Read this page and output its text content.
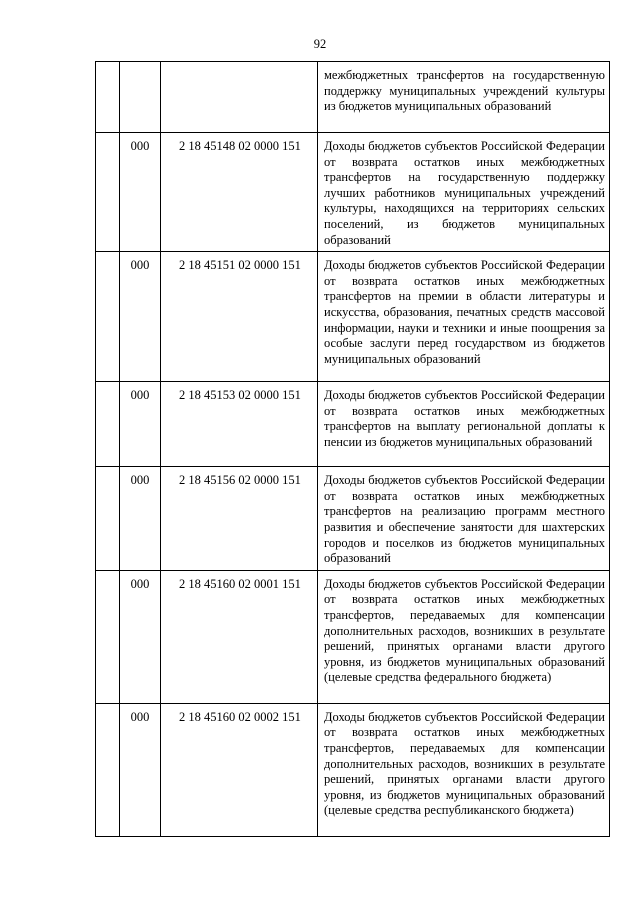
92
			межбюджетных трансфертов на государственную поддержку муниципальных учреждений культуры из бюджетов муниципальных образований
	000	2 18 45148 02 0000 151	Доходы бюджетов субъектов Российской Федерации от возврата остатков иных межбюджетных трансфертов на государственную поддержку лучших работников муниципальных учреждений культуры, находящихся на территориях сельских поселений, из бюджетов муниципальных образований
	000	2 18 45151 02 0000 151	Доходы бюджетов субъектов Российской Федерации от возврата остатков иных межбюджетных трансфертов на премии в области литературы и искусства, образования, печатных средств массовой информации, науки и техники и иные поощрения за особые заслуги перед государством из бюджетов муниципальных образований
	000	2 18 45153 02 0000 151	Доходы бюджетов субъектов Российской Федерации от возврата остатков иных межбюджетных трансфертов на выплату региональной доплаты к пенсии из бюджетов муниципальных образований
	000	2 18 45156 02 0000 151	Доходы бюджетов субъектов Российской Федерации от возврата остатков иных межбюджетных трансфертов на реализацию программ местного развития и обеспечение занятости для шахтерских городов и поселков из бюджетов муниципальных образований
	000	2 18 45160 02 0001 151	Доходы бюджетов субъектов Российской Федерации от возврата остатков иных межбюджетных трансфертов, передаваемых для компенсации дополнительных расходов, возникших в результате решений, принятых органами власти другого уровня, из бюджетов муниципальных образований (целевые средства федерального бюджета)
	000	2 18 45160 02 0002 151	Доходы бюджетов субъектов Российской Федерации от возврата остатков иных межбюджетных трансфертов, передаваемых для компенсации дополнительных расходов, возникших в результате решений, принятых органами власти другого уровня, из бюджетов муниципальных образований (целевые средства республиканского бюджета)
